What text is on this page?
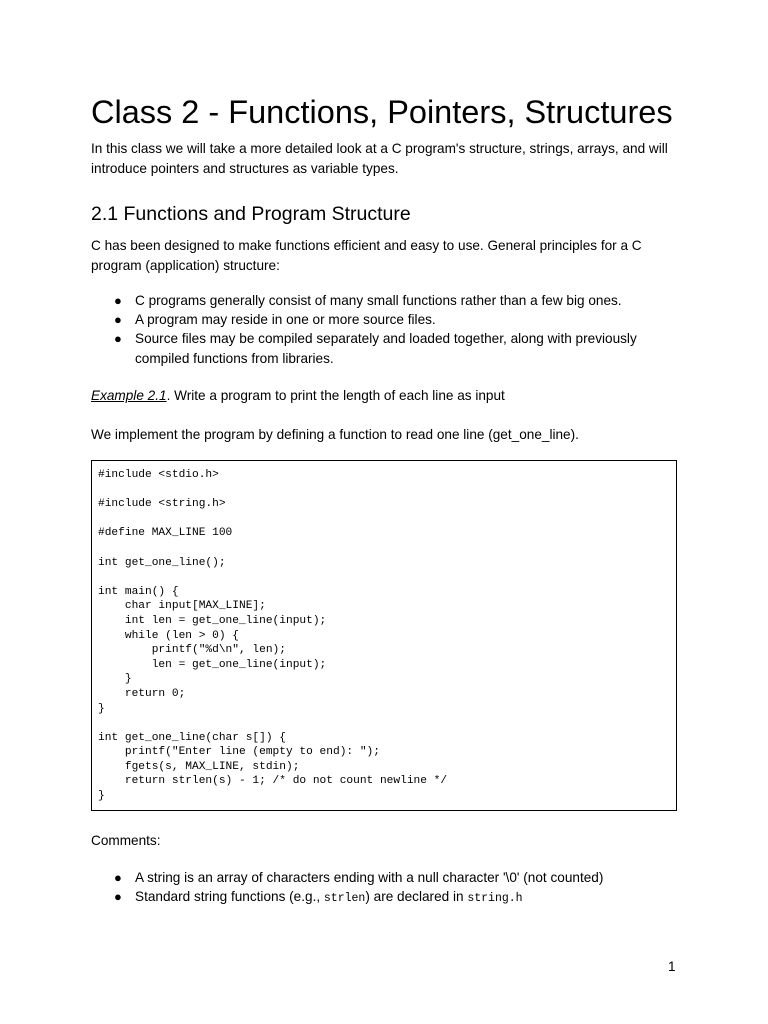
Class 2 - Functions, Pointers, Structures

In this class we will take a more detailed look at a C program's structure, strings, arrays, and will introduce pointers and structures as variable types.

2.1 Functions and Program Structure

C has been designed to make functions efficient and easy to use. General principles for a C program (application) structure:

● C programs generally consist of many small functions rather than a few big ones.
● A program may reside in one or more source files.
● Source files may be compiled separately and loaded together, along with previously compiled functions from libraries.

Example 2.1. Write a program to print the length of each line as input

We implement the program by defining a function to read one line (get_one_line).

#include <stdio.h>

#include <string.h>

#define MAX_LINE 100

int get_one_line();

int main() {
char input[MAX_LINE];
int len = get_one_line(input);
while (len > 0) {
printf("%d\n", len);
len = get_one_line(input);
}
return 0;
}

int get_one_line(char s[]) {
printf("Enter line (empty to end): ");
fgets(s, MAX_LINE, stdin);
return strlen(s) - 1; /* do not count newline */
}

Comments:

● A string is an array of characters ending with a null character '\0' (not counted)
● Standard string functions (e.g., strlen) are declared in string.h
1
